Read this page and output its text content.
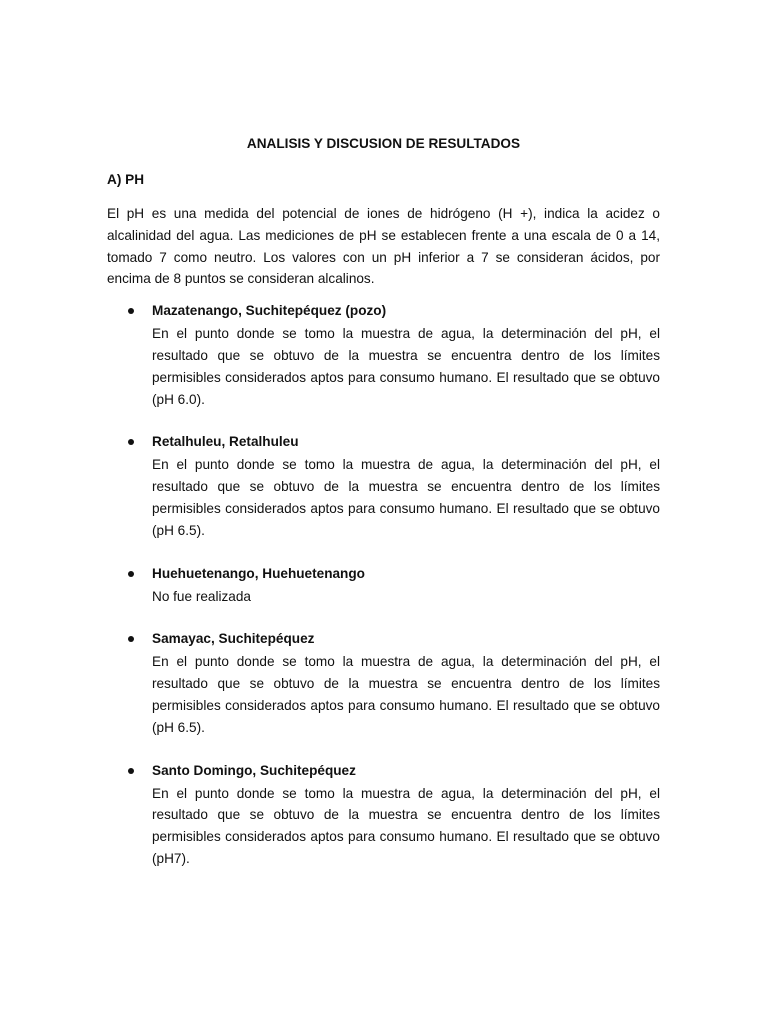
ANALISIS Y DISCUSION DE RESULTADOS
A) PH

El pH es una medida del potencial de iones de hidrógeno (H +), indica la acidez o alcalinidad del agua. Las mediciones de pH se establecen frente a una escala de 0 a 14, tomado 7 como neutro. Los valores con un pH inferior a 7 se consideran ácidos, por encima de 8 puntos se consideran alcalinos.

Mazatenango, Suchitepéquez (pozo)

En el punto donde se tomo la muestra de agua, la determinación del pH, el resultado que se obtuvo de la muestra se encuentra dentro de los límites permisibles considerados aptos para consumo humano. El resultado que se obtuvo (pH 6.0).

Retalhuleu, Retalhuleu

En el punto donde se tomo la muestra de agua, la determinación del pH, el resultado que se obtuvo de la muestra se encuentra dentro de los límites permisibles considerados aptos para consumo humano. El resultado que se obtuvo (pH 6.5).

Huehuetenango, Huehuetenango

No fue realizada

Samayac, Suchitepéquez

En el punto donde se tomo la muestra de agua, la determinación del pH, el resultado que se obtuvo de la muestra se encuentra dentro de los límites permisibles considerados aptos para consumo humano. El resultado que se obtuvo (pH 6.5).

Santo Domingo, Suchitepéquez

En el punto donde se tomo la muestra de agua, la determinación del pH, el resultado que se obtuvo de la muestra se encuentra dentro de los límites permisibles considerados aptos para consumo humano. El resultado que se obtuvo (pH7).
